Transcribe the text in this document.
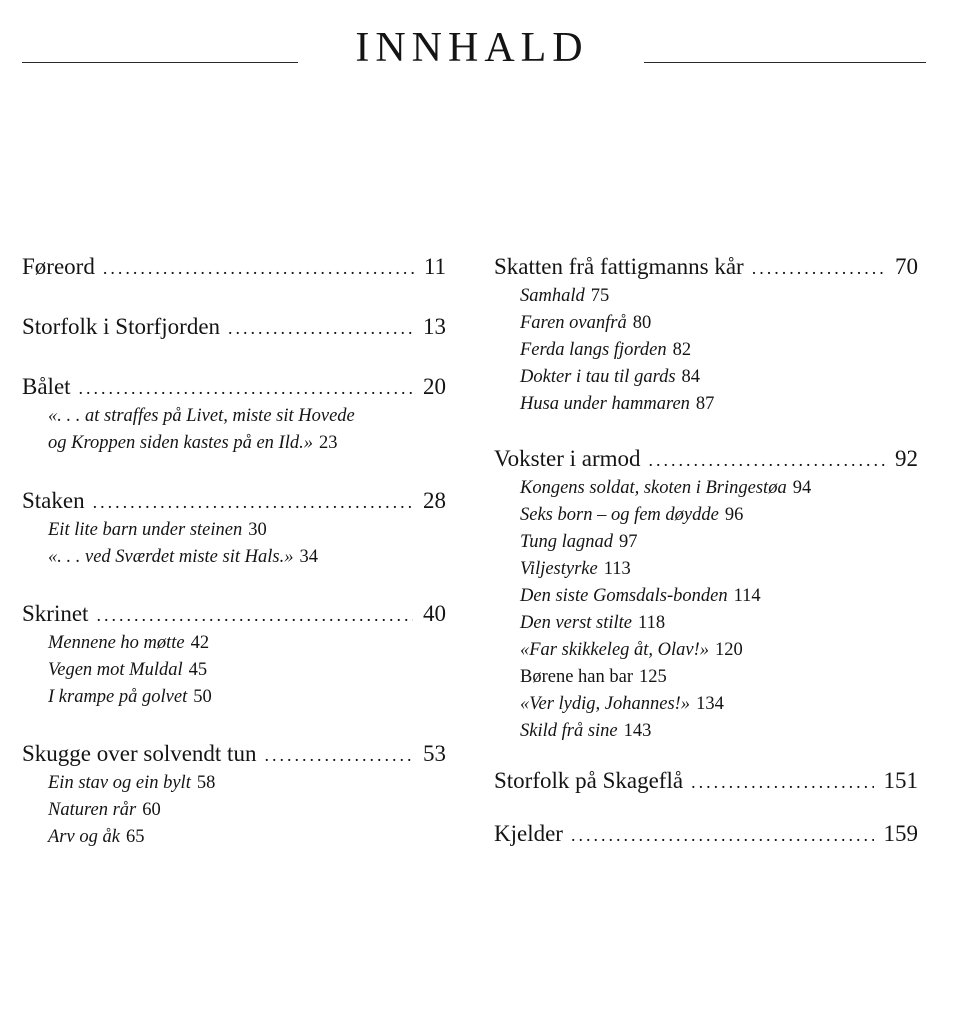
INNHALD
Føreord .....	11
Storfolk i Storfjorden .....	13
Bålet .....	20
«. . . at straffes på Livet, miste sit Hovede
og Kroppen siden kastes på en Ild.» 23
Staken .....	28
Eit lite barn under steinen 30
«. . . ved Sværdet miste sit Hals.» 34
Skrinet .....	40
Mennene ho møtte 42
Vegen mot Muldal 45
I krampe på golvet 50
Skugge over solvendt tun .....	53
Ein stav og ein bylt 58
Naturen rår 60
Arv og åk 65
Skatten frå fattigmanns kår .....	70
Samhald 75
Faren ovanfrå 80
Ferda langs fjorden 82
Dokter i tau til gards 84
Husa under hammaren 87
Vokster i armod .....	92
Kongens soldat, skoten i Bringestøa 94
Seks born – og fem døydde 96
Tung lagnad 97
Viljestyrke 113
Den siste Gomsdals-bonden 114
Den verst stilte 118
«Far skikkeleg åt, Olav!» 120
Børene han bar 125
«Ver lydig, Johannes!» 134
Skild frå sine 143
Storfolk på Skageflå .....	151
Kjelder .....	159
